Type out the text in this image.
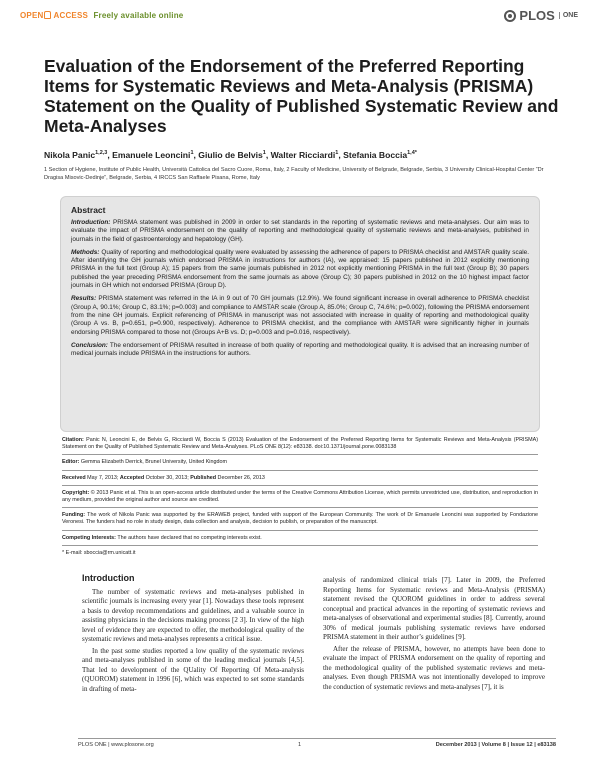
OPEN ACCESS Freely available online	PLOS	ONE
Evaluation of the Endorsement of the Preferred Reporting Items for Systematic Reviews and Meta-Analysis (PRISMA) Statement on the Quality of Published Systematic Review and Meta-Analyses
Nikola Panic$^{1,2,3}$, Emanuele Leoncini$^1$, Giulio de Belvis$^1$, Walter Ricciardi$^1$, Stefania Boccia$^{1,4*}$
1 Section of Hygiene, Institute of Public Health, Università Cattolica del Sacro Cuore, Roma, Italy, 2 Faculty of Medicine, University of Belgrade, Belgrade, Serbia, 3 University Clinical-Hospital Center “Dr Dragisa Misovic-Dedinje”, Belgrade, Serbia, 4 IRCCS San Raffaele Pisana, Rome, Italy
Abstract

Introduction: PRISMA statement was published in 2009 in order to set standards in the reporting of systematic reviews and meta-analyses. Our aim was to evaluate the impact of PRISMA endorsement on the quality of reporting and methodological quality of systematic reviews and meta-analyses, published in journals in the field of gastroenterology and hepatology (GH).

Methods: Quality of reporting and methodological quality were evaluated by assessing the adherence of papers to PRISMA checklist and AMSTAR quality scale. After identifying the GH journals which endorsed PRISMA in instructions for authors (IA), we appraised: 15 papers published in 2012 explicitly mentioning PRISMA in the full text (Group A); 15 papers from the same journals published in 2012 not explicitly mentioning PRISMA in the full text (Group B); 30 papers published the year preceding PRISMA endorsement from the same journals as above (Group C); 30 papers published in 2012 on the 10 highest impact factor journals in GH which not endorsed PRISMA (Group D).

Results: PRISMA statement was referred in the IA in 9 out of 70 GH journals (12.9%). We found significant increase in overall adherence to PRISMA checklist (Group A, 90.1%; Group C, 83.1%; p=0.003) and compliance to AMSTAR scale (Group A, 85.0%; Group C, 74.6%; p=0.002), following the PRISMA endorsement from the nine GH journals. Explicit referencing of PRISMA in manuscript was not associated with increase in quality of reporting and methodological quality (Group A vs. B, p=0.651, p=0.900, respectively). Adherence to PRISMA checklist, and the compliance with AMSTAR were significantly higher in journals endorsing PRISMA compared to those not (Groups A+B vs. D; p=0.003 and p=0.016, respectively).

Conclusion: The endorsement of PRISMA resulted in increase of both quality of reporting and methodological quality. It is advised that an increasing number of medical journals include PRISMA in the instructions for authors.

Citation: Panic N, Leoncini E, de Belvis G, Ricciardi W, Boccia S (2013) Evaluation of the Endorsement of the Preferred Reporting Items for Systematic Reviews and Meta-Analysis (PRISMA) Statement on the Quality of Published Systematic Review and Meta-Analyses. PLoS ONE 8(12): e83138. doi:10.1371/journal.pone.0083138

Editor: Gemma Elizabeth Derrick, Brunel University, United Kingdom

Received May 7, 2013; Accepted October 30, 2013; Published December 26, 2013

Copyright: © 2013 Panic et al. This is an open-access article distributed under the terms of the Creative Commons Attribution License, which permits unrestricted use, distribution, and reproduction in any medium, provided the original author and source are credited.

Funding: The work of Nikola Panic was supported by the ERAWEB project, funded with support of the European Community. The work of Dr Emanuele Leoncini was supported by Fondazione Veronesi. The funders had no role in study design, data collection and analysis, decision to publish, or preparation of the manuscript.

Competing Interests: The authors have declared that no competing interests exist.

* E-mail: sboccia@rm.unicatt.it

Introduction

The number of systematic reviews and meta-analyses published in scientific journals is increasing every year [1]. Nowadays these tools represent a basis to develop recommendations and guidelines, and a valuable source in assisting physicians in the decisions making process [2 3]. In view of the high level of evidence they are expected to offer, the methodological quality of the systematic reviews and meta-analyses represents a critical issue.

In the past some studies reported a low quality of the systematic reviews and meta-analyses published in some of the leading medical journals [4,5]. That led to development of the QUality Of Reporting Of Meta-analysis (QUOROM) statement in 1996 [6], which was expected to set some standards in drafting of meta-

analysis of randomized clinical trials [7]. Later in 2009, the Preferred Reporting Items for Systematic reviews and Meta-Analysis (PRISMA) statement revised the QUOROM guidelines in order to address several conceptual and practical advances in the reporting of systematic reviews and meta-analyses of observational and experimental studies [8]. Currently, around 30% of medical journals publishing systematic reviews have endorsed PRISMA statement in their author’s guidelines [9].

After the release of PRISMA, however, no attempts have been done to evaluate the impact of PRISMA endorsement on the quality of reporting and the methodological quality of the published systematic reviews and meta-analyses. Even though PRISMA was not intentionally developed to improve the conduction of systematic reviews and meta-analyses [7], it is

PLOS ONE | www.plosone.org	1	December 2013 | Volume 8 | Issue 12 | e83138
